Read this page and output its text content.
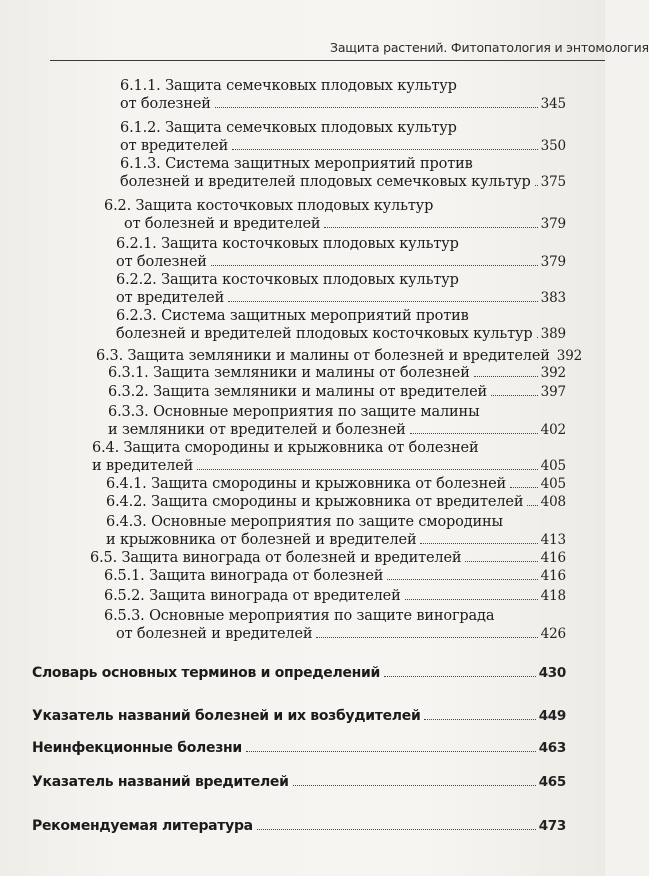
Защита растений. Фитопатология и энтомология
6.1.1. Защита семечковых плодовых культур
от болезней	345
6.1.2. Защита семечковых плодовых культур
от вредителей	350
6.1.3. Система защитных мероприятий против
болезней и вредителей плодовых семечковых культур 375
6.2. Защита косточковых плодовых культур
от болезней и вредителей	379
6.2.1. Защита косточковых плодовых культур
от болезней	379
6.2.2. Защита косточковых плодовых культур
от вредителей	383
6.2.3. Система защитных мероприятий против
болезней и вредителей плодовых косточковых культур 389
6.3. Защита земляники и малины от болезней и вредителей 392
6.3.1. Защита земляники и малины от болезней	392
6.3.2. Защита земляники и малины от вредителей	397
6.3.3. Основные мероприятия по защите малины
и земляники от вредителей и болезней	402
6.4. Защита смородины и крыжовника от болезней
и вредителей	405
6.4.1. Защита смородины и крыжовника от болезней	405
6.4.2. Защита смородины и крыжовника от вредителей 408
6.4.3. Основные мероприятия по защите смородины
и крыжовника от болезней и вредителей	413
6.5. Защита винограда от болезней и вредителей	416
6.5.1. Защита винограда от болезней	416
6.5.2. Защита винограда от вредителей	418
6.5.3. Основные мероприятия по защите винограда
от болезней и вредителей	426
Словарь основных терминов и определений	430
Указатель названий болезней и их возбудителей	449
Неинфекционные болезни	463
Указатель названий вредителей	465
Рекомендуемая литература	473
